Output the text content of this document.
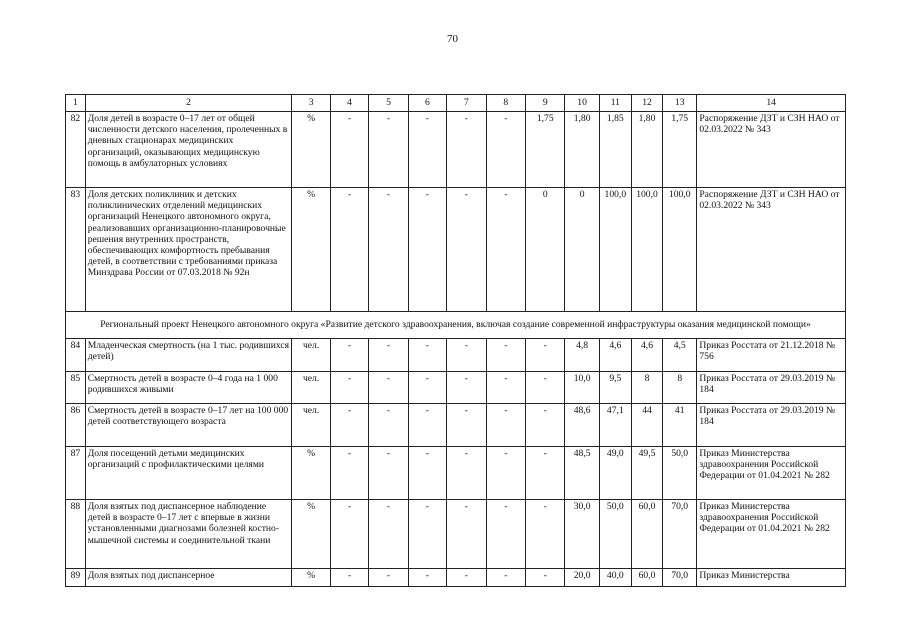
70
1	2	3	4	5	6	7	8	9	10	11	12	13	14
82	Доля детей в возрасте 0–17 лет от общей численности детского населения, пролеченных в дневных стационарах медицинских организаций, оказывающих медицинскую помощь в амбулаторных условиях	%	-	-	-	-	-	1,75	1,80	1,85	1,80	1,75	Распоряжение ДЗТ и СЗН НАО от 02.03.2022 № 343
83	Доля детских поликлиник и детских поликлинических отделений медицинских организаций Ненецкого автономного округа, реализовавших организационно-планировочные решения внутренних пространств, обеспечивающих комфортность пребывания детей, в соответствии с требованиями приказа Минздрава России от 07.03.2018 № 92н	%	-	-	-	-	-	0	0	100,0	100,0	100,0	Распоряжение ДЗТ и СЗН НАО от 02.03.2022 № 343
Региональный проект Ненецкого автономного округа «Развитие детского здравоохранения, включая создание современной инфраструктуры оказания медицинской помощи»													
84	Младенческая смертность (на 1 тыс. родившихся детей)	чел.	-	-	-	-	-	-	4,8	4,6	4,6	4,5	Приказ Росстата от 21.12.2018 № 756
85	Смертность детей в возрасте 0–4 года на 1 000 родившихся живыми	чел.	-	-	-	-	-	-	10,0	9,5	8	8	Приказ Росстата от 29.03.2019 № 184
86	Смертность детей в возрасте 0–17 лет на 100 000 детей соответствующего возраста	чел.	-	-	-	-	-	-	48,6	47,1	44	41	Приказ Росстата от 29.03.2019 № 184
87	Доля посещений детьми медицинских организаций с профилактическими целями	%	-	-	-	-	-	-	48,5	49,0	49,5	50,0	Приказ Министерства здравоохранения Российской Федерации от 01.04.2021 № 282
88	Доля взятых под диспансерное наблюдение детей в возрасте 0–17 лет с впервые в жизни установленными диагнозами болезней костно-мышечной системы и соединительной ткани	%	-	-	-	-	-	-	30,0	50,0	60,0	70,0	Приказ Министерства здравоохранения Российской Федерации от 01.04.2021 № 282
89	Доля взятых под диспансерное	%	-	-	-	-	-	-	20,0	40,0	60,0	70,0	Приказ Министерства
